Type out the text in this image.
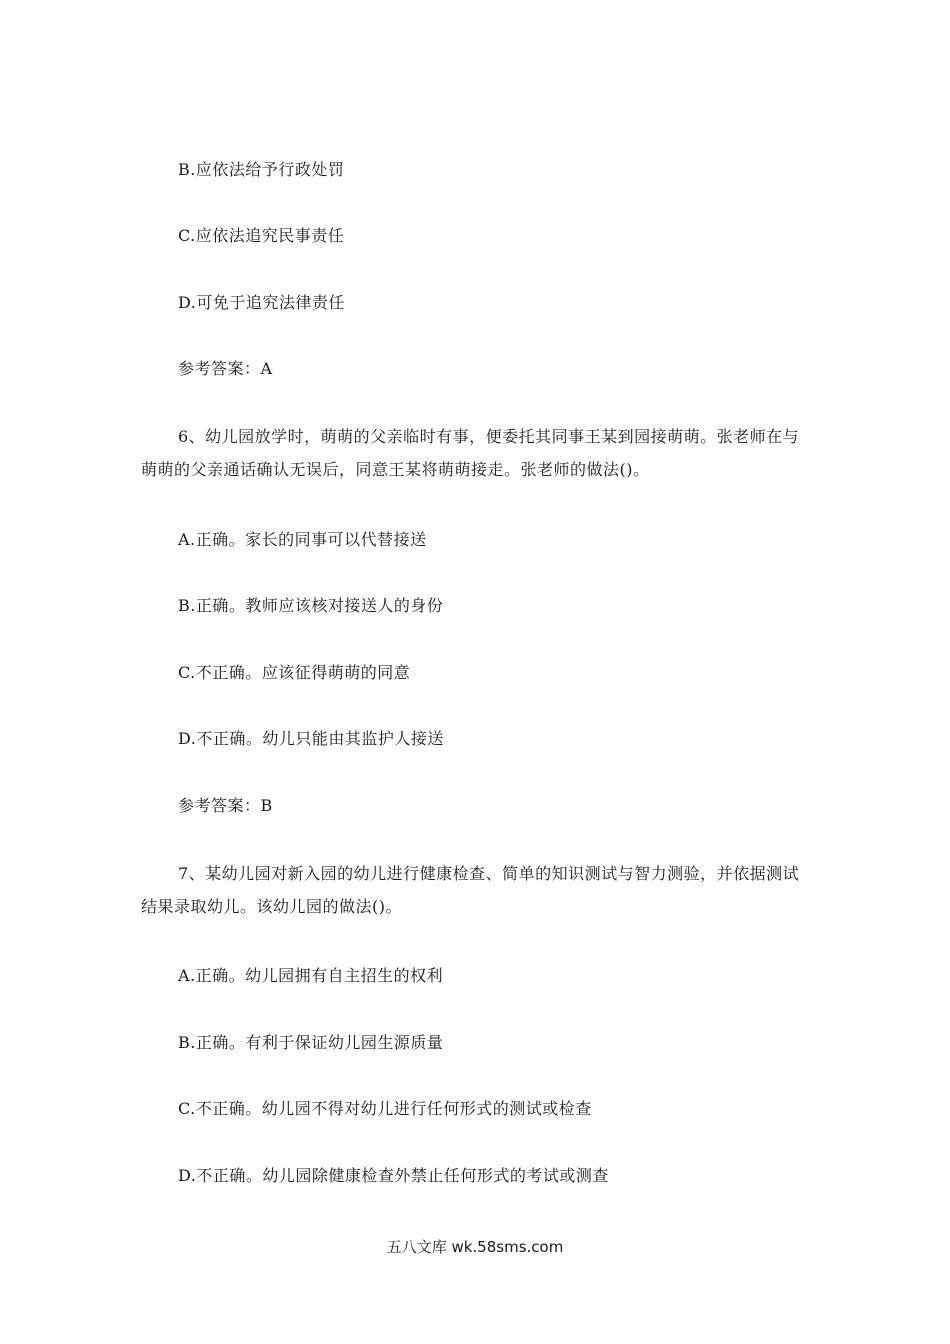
B.应依法给予行政处罚
C.应依法追究民事责任
D.可免于追究法律责任
参考答案：A
6、幼儿园放学时，萌萌的父亲临时有事，便委托其同事王某到园接萌萌。张老师在与
萌萌的父亲通话确认无误后，同意王某将萌萌接走。张老师的做法()。
A.正确。家长的同事可以代替接送
B.正确。教师应该核对接送人的身份
C.不正确。应该征得萌萌的同意
D.不正确。幼儿只能由其监护人接送
参考答案：B
7、某幼儿园对新入园的幼儿进行健康检查、简单的知识测试与智力测验，并依据测试
结果录取幼儿。该幼儿园的做法()。
A.正确。幼儿园拥有自主招生的权利
B.正确。有利于保证幼儿园生源质量
C.不正确。幼儿园不得对幼儿进行任何形式的测试或检查
D.不正确。幼儿园除健康检查外禁止任何形式的考试或测查
五八文库 wk.58sms.com
